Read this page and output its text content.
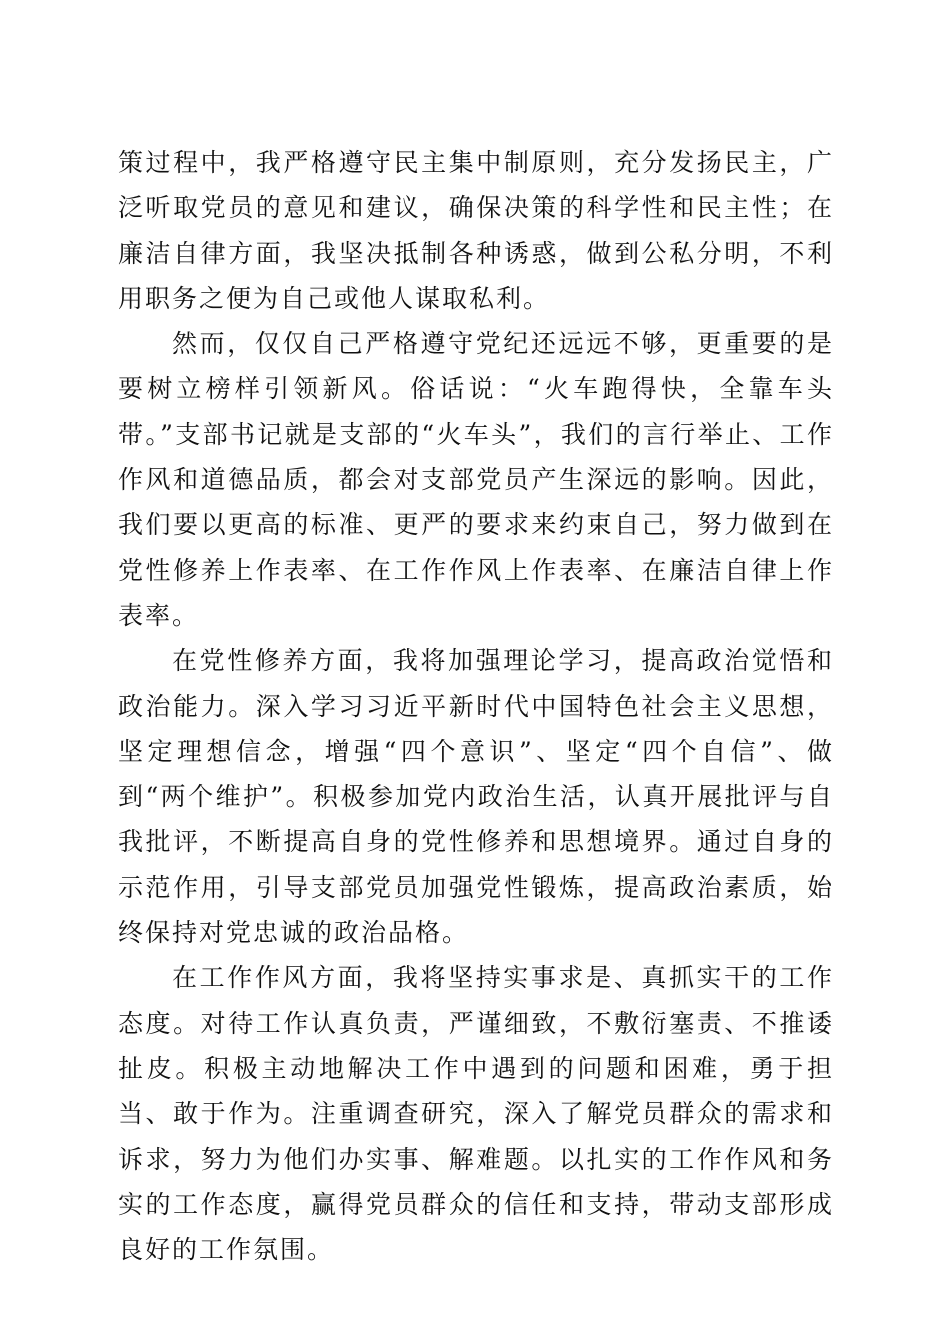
策过程中，我严格遵守民主集中制原则，充分发扬民主，广泛听取党员的意见和建议，确保决策的科学性和民主性；在廉洁自律方面，我坚决抵制各种诱惑，做到公私分明，不利用职务之便为自己或他人谋取私利。

然而，仅仅自己严格遵守党纪还远远不够，更重要的是要树立榜样引领新风。俗话说：“火车跑得快，全靠车头带。”支部书记就是支部的“火车头”，我们的言行举止、工作作风和道德品质，都会对支部党员产生深远的影响。因此，我们要以更高的标准、更严的要求来约束自己，努力做到在党性修养上作表率、在工作作风上作表率、在廉洁自律上作表率。

在党性修养方面，我将加强理论学习，提高政治觉悟和政治能力。深入学习习近平新时代中国特色社会主义思想，坚定理想信念，增强“四个意识”、坚定“四个自信”、做到“两个维护”。积极参加党内政治生活，认真开展批评与自我批评，不断提高自身的党性修养和思想境界。通过自身的示范作用，引导支部党员加强党性锻炼，提高政治素质，始终保持对党忠诚的政治品格。

在工作作风方面，我将坚持实事求是、真抓实干的工作态度。对待工作认真负责，严谨细致，不敷衍塞责、不推诿扯皮。积极主动地解决工作中遇到的问题和困难，勇于担当、敢于作为。注重调查研究，深入了解党员群众的需求和诉求，努力为他们办实事、解难题。以扎实的工作作风和务实的工作态度，赢得党员群众的信任和支持，带动支部形成良好的工作氛围。
